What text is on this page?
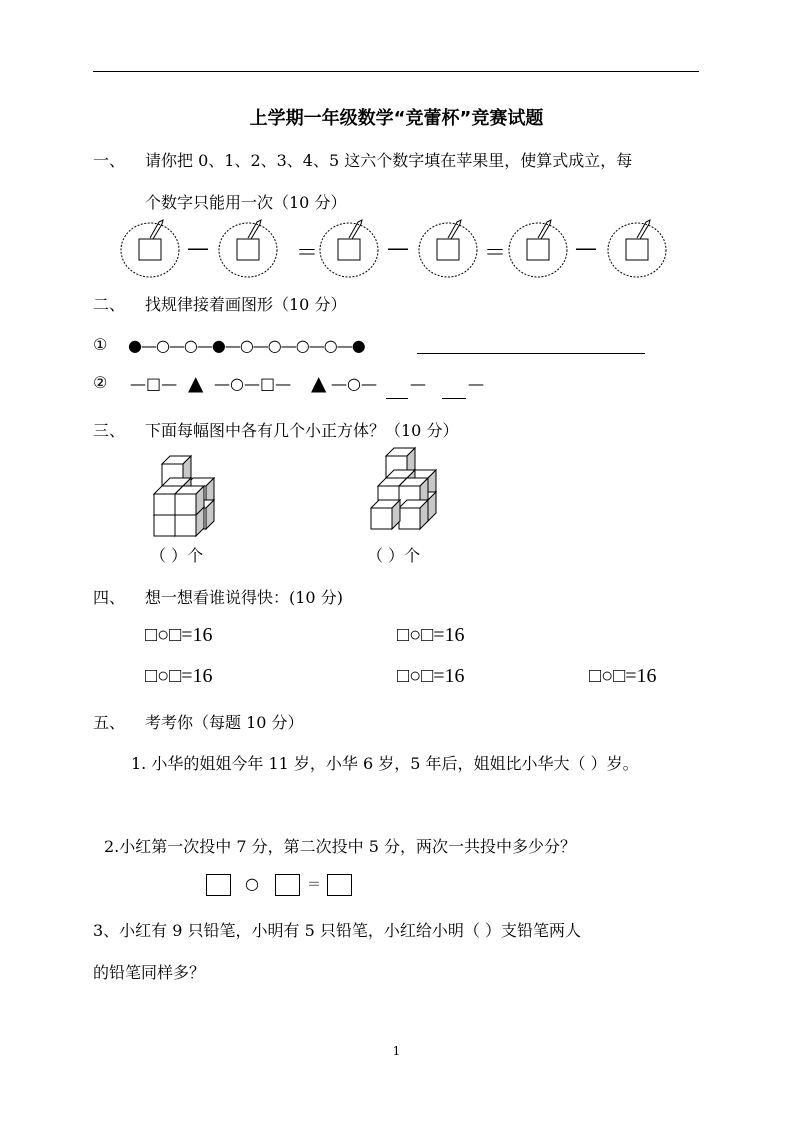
上学期一年级数学“竞蕾杯”竞赛试题
一、 请你把 0、1、2、3、4、5 这六个数字填在苹果里，使算式成立，每
个数字只能用一次（10 分）
—	＝	—	＝	—
二、 找规律接着画图形（10 分）
① ●—○—○—●—○—○—○—○—●
② —□— ▲ —○—□— ▲ —○— —	—
三、 下面每幅图中各有几个小正方体？（10 分）
（ ）个	（ ）个
四、 想一想看谁说得快：(10 分)
□○□=16	□○□=16
□○□=16	□○□=16	□○□=16
五、 考考你（每题 10 分）
1. 小华的姐姐今年 11 岁，小华 6 岁，5 年后，姐姐比小华大（ ）岁。
2.小红第一次投中 7 分，第二次投中 5 分，两次一共投中多少分？
○	＝
3、小红有 9 只铅笔，小明有 5 只铅笔，小红给小明（ ）支铅笔两人
的铅笔同样多？
1
